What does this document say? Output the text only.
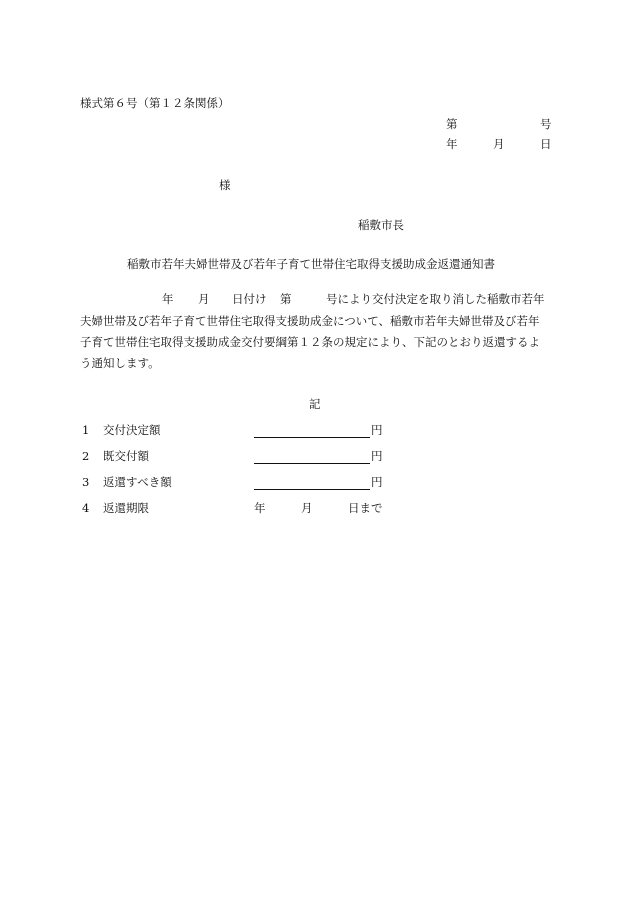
様式第６号（第１２条関係）
第	号
年	月	日
様
稲敷市長
稲敷市若年夫婦世帯及び若年子育て世帯住宅取得支援助成金返還通知書
年 月 日付け 第	号により交付決定を取り消した稲敷市若年
夫婦世帯及び若年子育て世帯住宅取得支援助成金について、稲敷市若年夫婦世帯及び若年
子育て世帯住宅取得支援助成金交付要綱第１２条の規定により、下記のとおり返還するよ
う通知します。
記
1 交付決定額	円
2 既交付額	円
3 返還すべき額	円
4 返還期限	年	月	日まで
